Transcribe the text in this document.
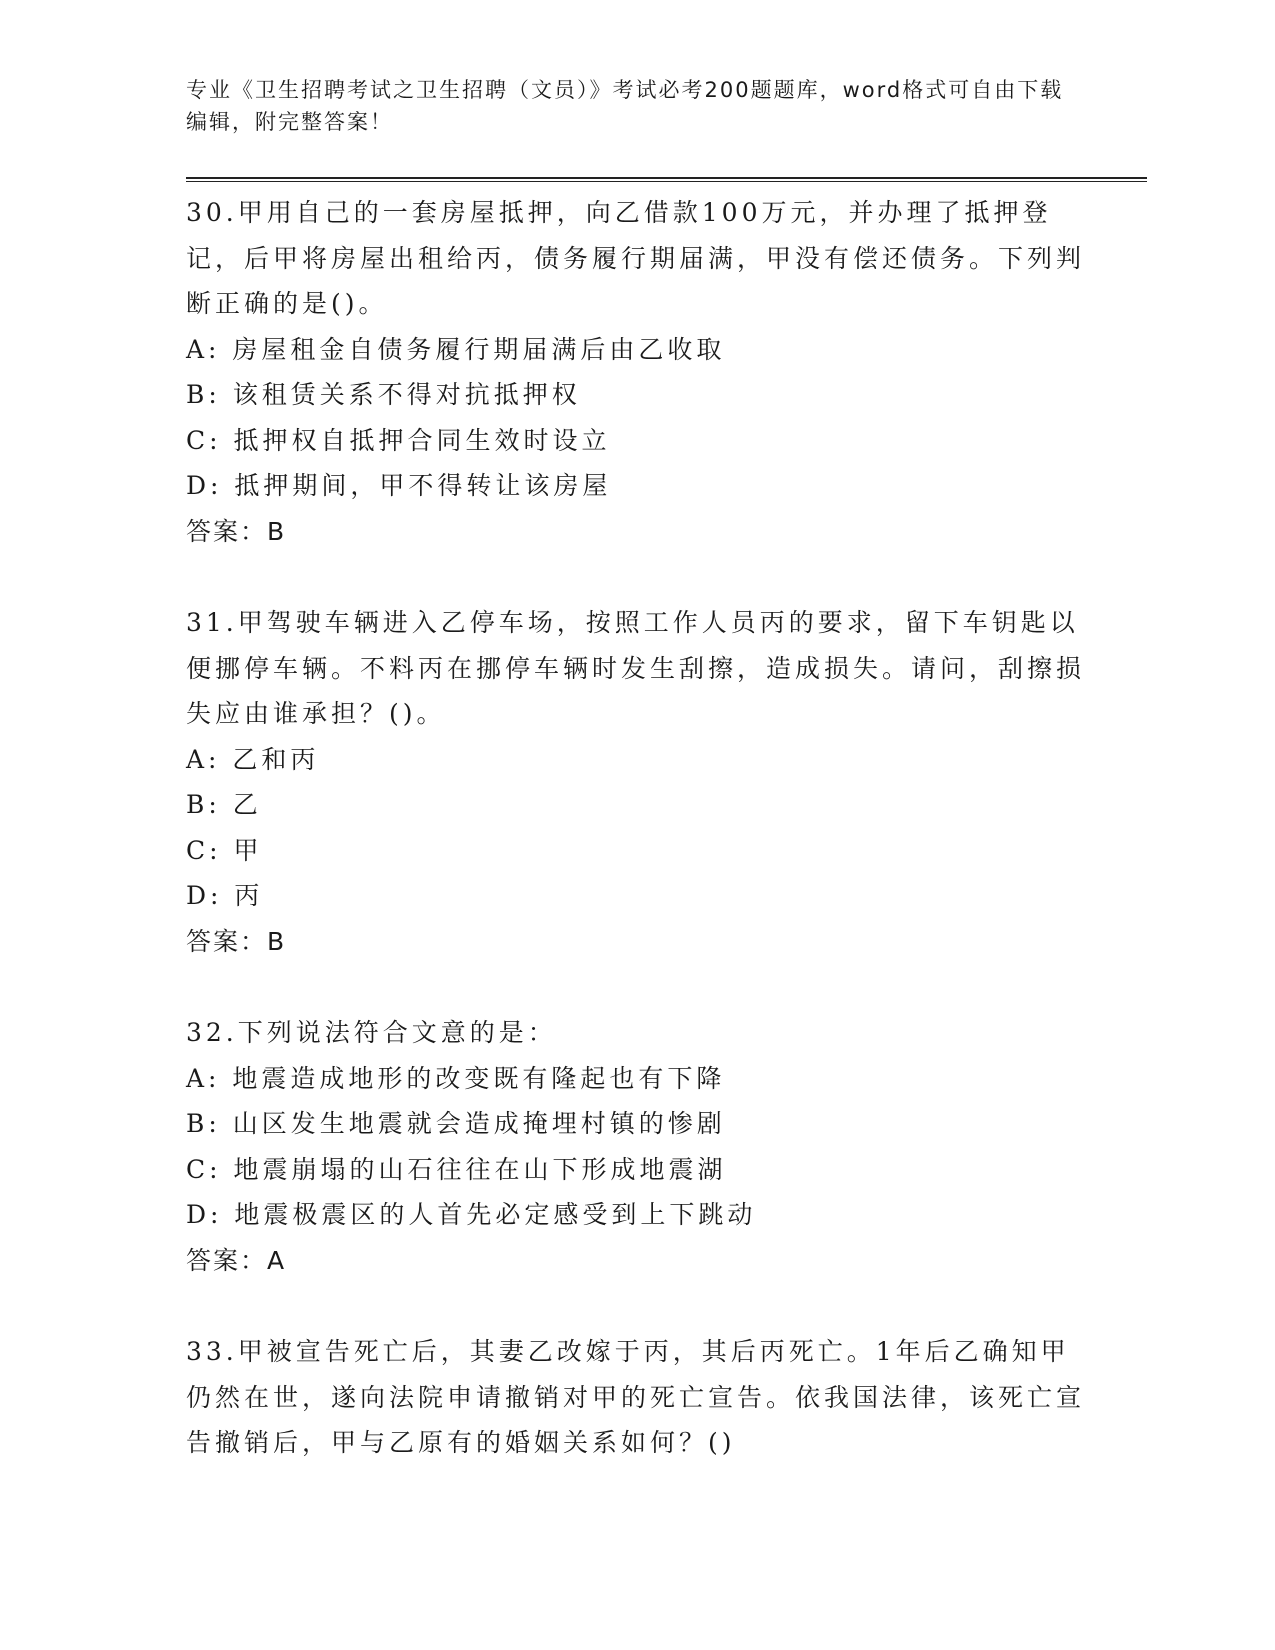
专业《卫生招聘考试之卫生招聘（文员）》考试必考200题题库，word格式可自由下载编辑，附完整答案！

30.甲用自己的一套房屋抵押，向乙借款100万元，并办理了抵押登记，后甲将房屋出租给丙，债务履行期届满，甲没有偿还债务。下列判断正确的是()。

A: 房屋租金自债务履行期届满后由乙收取

B: 该租赁关系不得对抗抵押权

C: 抵押权自抵押合同生效时设立

D: 抵押期间，甲不得转让该房屋

答案：B

31.甲驾驶车辆进入乙停车场，按照工作人员丙的要求，留下车钥匙以便挪停车辆。不料丙在挪停车辆时发生刮擦，造成损失。请问，刮擦损失应由谁承担？()。

A: 乙和丙

B: 乙

C: 甲

D: 丙

答案：B

32.下列说法符合文意的是：

A: 地震造成地形的改变既有隆起也有下降

B: 山区发生地震就会造成掩埋村镇的惨剧

C: 地震崩塌的山石往往在山下形成地震湖

D: 地震极震区的人首先必定感受到上下跳动

答案：A

33.甲被宣告死亡后，其妻乙改嫁于丙，其后丙死亡。1年后乙确知甲仍然在世，遂向法院申请撤销对甲的死亡宣告。依我国法律，该死亡宣告撤销后，甲与乙原有的婚姻关系如何？()
